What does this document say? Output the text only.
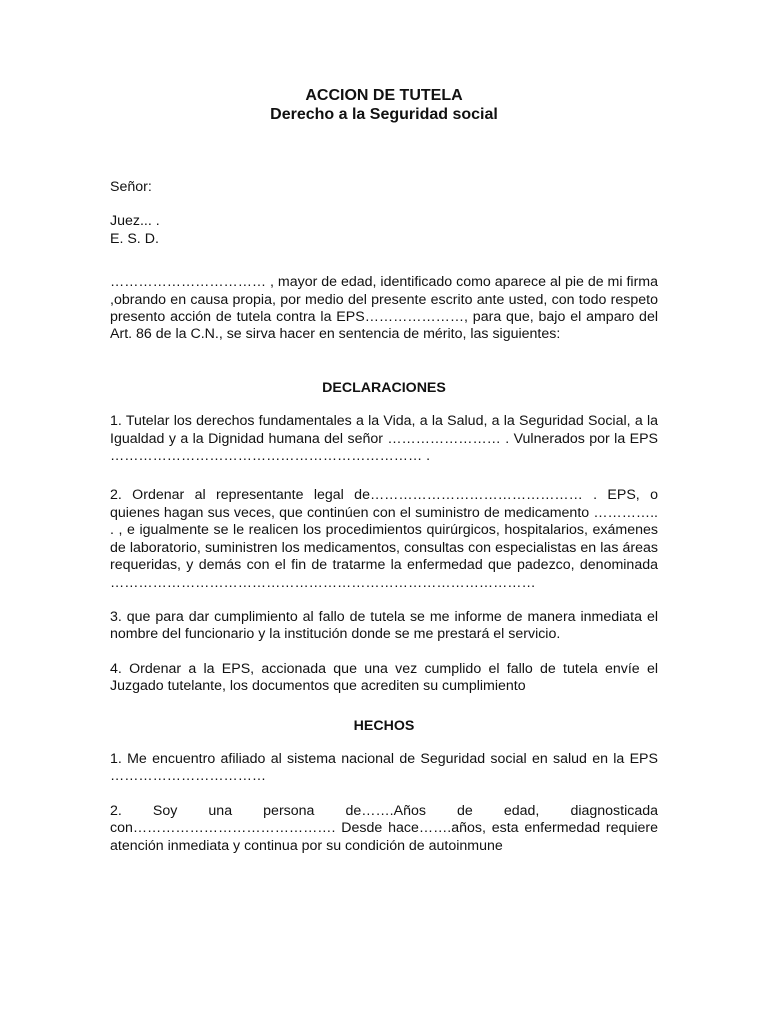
ACCION DE TUTELA

Derecho a la Seguridad social

Señor:

Juez... .

E. S. D.

…………………………… , mayor de edad, identificado como aparece al pie de mi firma ,obrando en causa propia, por medio del presente escrito ante usted, con todo respeto presento acción de tutela contra la EPS…………………, para que, bajo el amparo del Art. 86 de la C.N., se sirva hacer en sentencia de mérito, las siguientes:

DECLARACIONES

1. Tutelar los derechos fundamentales a la Vida, a la Salud, a la Seguridad Social, a la Igualdad y a la Dignidad humana del señor …………………… . Vulnerados por la EPS ………………………………………………………… .

2. Ordenar al representante legal de……………………………………… . EPS, o quienes hagan sus veces, que continúen con el suministro de medicamento ………….. . , e igualmente se le realicen los procedimientos quirúrgicos, hospitalarios, exámenes de laboratorio, suministren los medicamentos, consultas con especialistas en las áreas requeridas, y demás con el fin de tratarme la enfermedad que padezco, denominada ………………………………………………………………………………

3. que para dar cumplimiento al fallo de tutela se me informe de manera inmediata el nombre del funcionario y la institución donde se me prestará el servicio.

4. Ordenar a la EPS, accionada que una vez cumplido el fallo de tutela envíe el Juzgado tutelante, los documentos que acrediten su cumplimiento

HECHOS

1. Me encuentro afiliado al sistema nacional de Seguridad social en salud en la EPS ……………………………

2. Soy una persona de…….Años de edad, diagnosticada con……………………………………. Desde hace…….años, esta enfermedad requiere atención inmediata y continua por su condición de autoinmune
